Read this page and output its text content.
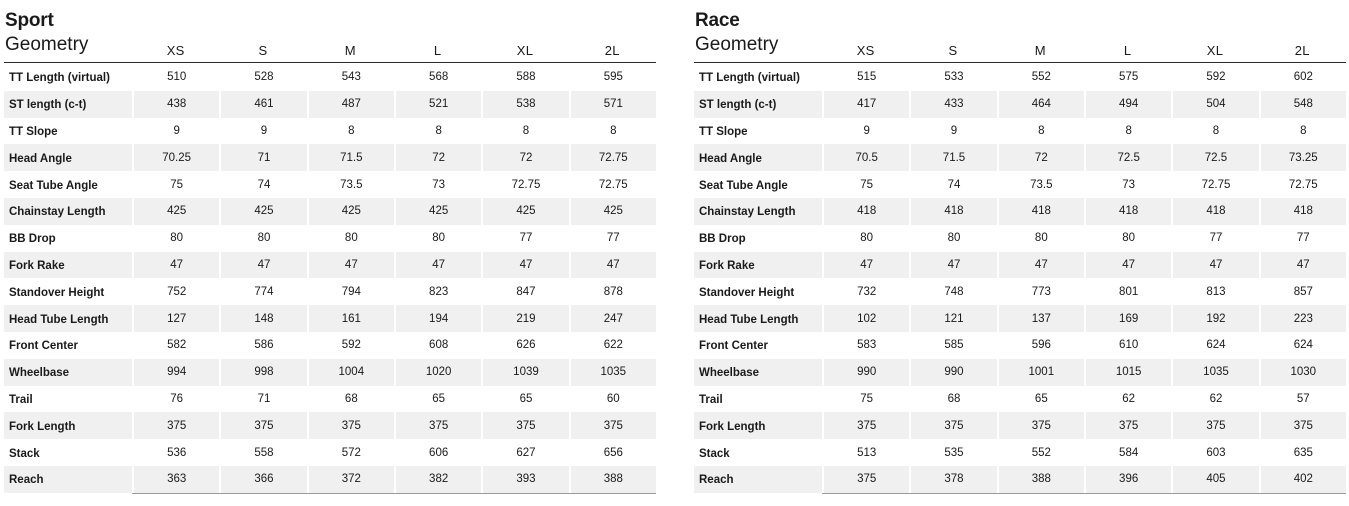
Sport
Geometry	XS	S	M	L	XL	2L
TT Length (virtual)	510	528	543	568	588	595
ST length (c-t)	438	461	487	521	538	571
TT Slope	9	9	8	8	8	8
Head Angle	70.25	71	71.5	72	72	72.75
Seat Tube Angle	75	74	73.5	73	72.75	72.75
Chainstay Length	425	425	425	425	425	425
BB Drop	80	80	80	80	77	77
Fork Rake	47	47	47	47	47	47
Standover Height	752	774	794	823	847	878
Head Tube Length	127	148	161	194	219	247
Front Center	582	586	592	608	626	622
Wheelbase	994	998	1004	1020	1039	1035
Trail	76	71	68	65	65	60
Fork Length	375	375	375	375	375	375
Stack	536	558	572	606	627	656
Reach	363	366	372	382	393	388
Race
Geometry	XS	S	M	L	XL	2L
TT Length (virtual)	515	533	552	575	592	602
ST length (c-t)	417	433	464	494	504	548
TT Slope	9	9	8	8	8	8
Head Angle	70.5	71.5	72	72.5	72.5	73.25
Seat Tube Angle	75	74	73.5	73	72.75	72.75
Chainstay Length	418	418	418	418	418	418
BB Drop	80	80	80	80	77	77
Fork Rake	47	47	47	47	47	47
Standover Height	732	748	773	801	813	857
Head Tube Length	102	121	137	169	192	223
Front Center	583	585	596	610	624	624
Wheelbase	990	990	1001	1015	1035	1030
Trail	75	68	65	62	62	57
Fork Length	375	375	375	375	375	375
Stack	513	535	552	584	603	635
Reach	375	378	388	396	405	402
